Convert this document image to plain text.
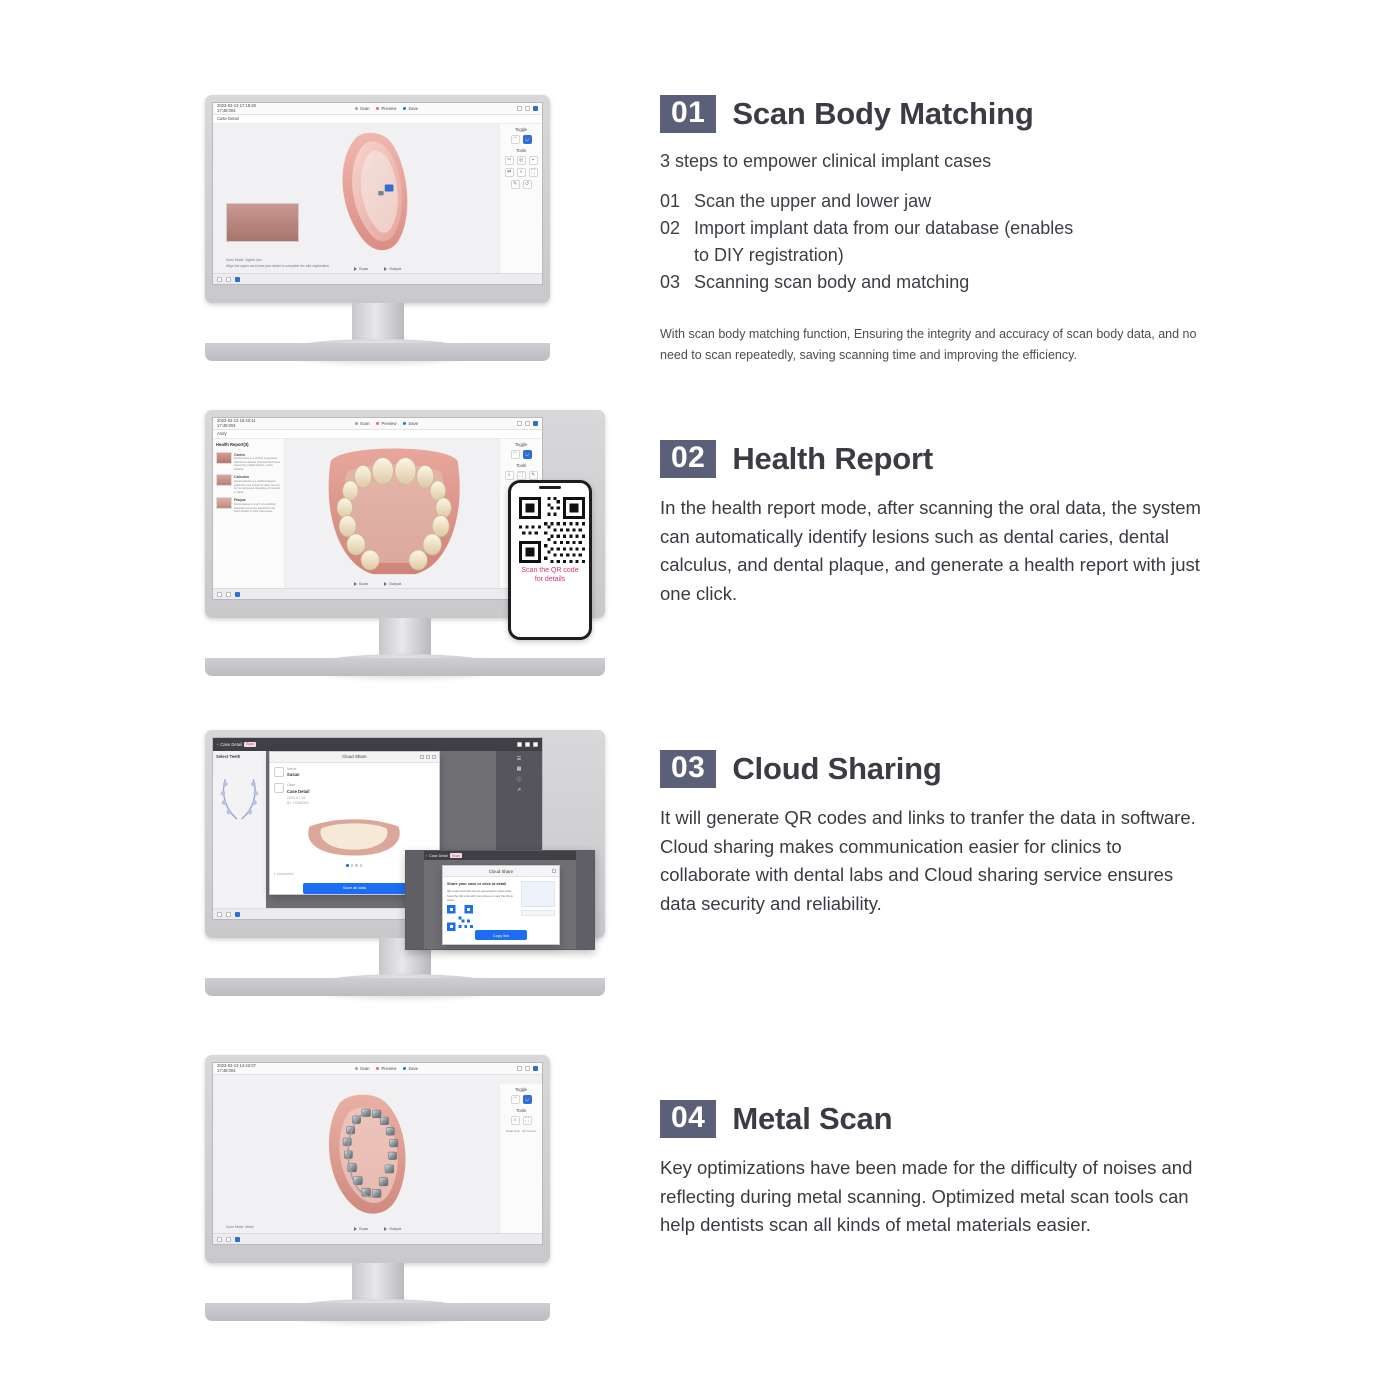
2023-02-13 17:18:28
17:48:004	Scan	Preview	Save
Case Detail
Toggle
◠	◡
Tools
✂	◎	⌁
⇄	⌕	⛶
✎	↺
Scan	Output
Scan Mode: Digital Jaw
Align the upper and lower jaw model to complete the bite registration
01 Scan Body Matching

3 steps to empower clinical implant cases

01 Scan the upper and lower jaw
02 Import implant data from our database (enables to DIY registration)
03 Scanning scan body and matching

With scan body matching function, Ensuring the integrity and accuracy of scan body data, and no need to scan repeatedly, saving scanning time and improving the efficiency.

2023-02-13 16:40:41
17:48:004	Scan	Preview	Save
Andy
Health Report(3)
Caries
Dental caries is a chronic progressive destructive disease of dental hard tissue caused by multiple factors, mainly bacteria.
Calculus
Dental calculus is a calcified deposit attached to the surface of teeth, formed by the continuous deposition of minerals in saliva.
Plaque
Dental plaque is a soft, non-calcified bacterial community attached to the tooth surface or other hard tissue.
Toggle
◠	◡
Tools
⌕	⛶	✎
Scan	Output
Scan the QR code for details
02 Health Report

In the health report mode, after scanning the oral data, the system can automatically identify lesions such as dental caries, dental calculus, and dental plaque, and generate a health report with just one click.

‹ Case Detail	Scan
Select Teeth	Cloud Share
Name
Susan
Case
Case Detail
2023-07-18
ID: 17482004
1 connected
Save all data
☰
▦
ⓘ
⇗
‹ Case Detail	Scan
Cloud Share
Share your case or click ot detail
QR codes and links can be generated to share data. Scan the QR code with your phone or copy the link to share.
Copy link
03 Cloud Sharing

It will generate QR codes and links to tranfer the data in software. Cloud sharing makes communication easier for clinics to collaborate with dental labs and Cloud sharing service ensures data security and reliability.

2023-02-13 14:42:07
17:48:004	Scan	Preview	Save
Toggle
◠	◡
Tools
⌕	⛶
Metal Scan HD Texture
Scan	Output
Scan Mode: Metal
04 Metal Scan

Key optimizations have been made for the difficulty of noises and reflecting during metal scanning. Optimized metal scan tools can help dentists scan all kinds of metal materials easier.
